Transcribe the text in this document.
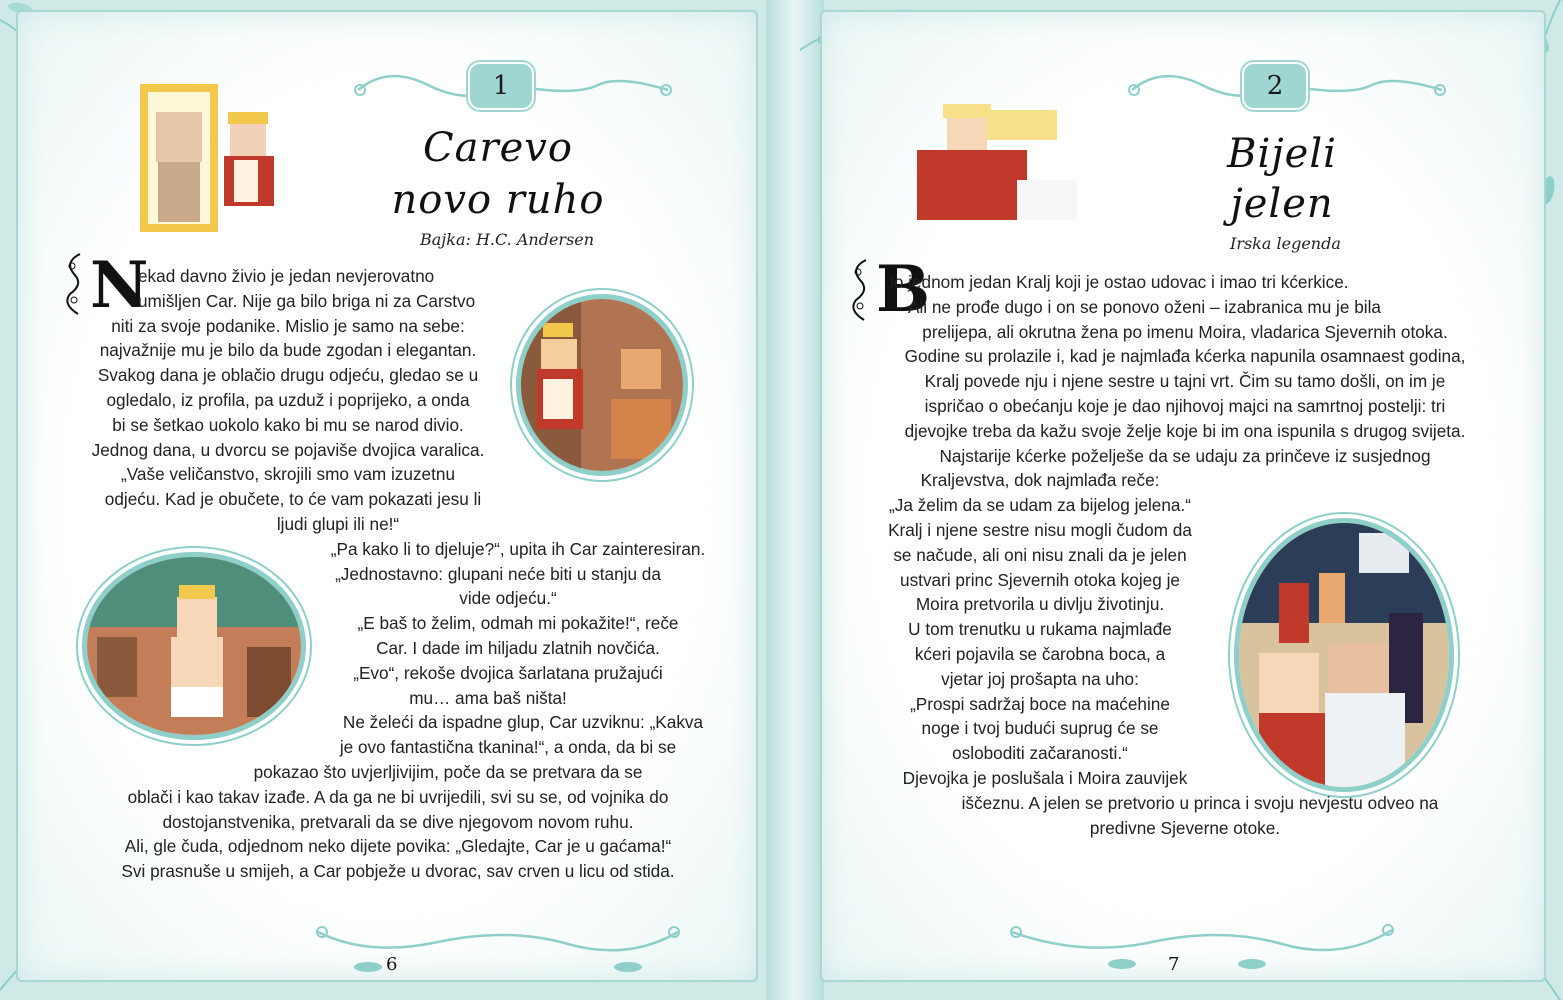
1
Carevo
novo ruho
Bajka: H.C. Andersen
N

ekad davno živio je jedan nevjerovatno

umišljen Car. Nije ga bilo briga ni za Carstvo

niti za svoje podanike. Mislio je samo na sebe:

najvažnije mu je bilo da bude zgodan i elegantan.

Svakog dana je oblačio drugu odjeću, gledao se u

ogledalo, iz profila, pa uzduž i poprijeko, a onda

bi se šetkao uokolo kako bi mu se narod divio.

Jednog dana, u dvorcu se pojaviše dvojica varalica.

„Vaše veličanstvo, skrojili smo vam izuzetnu

odjeću. Kad je obučete, to će vam pokazati jesu li

ljudi glupi ili ne!“

„Pa kako li to djeluje?“, upita ih Car zainteresiran.

„Jednostavno: glupani neće biti u stanju da

vide odjeću.“

„E baš to želim, odmah mi pokažite!“, reče

Car. I dade im hiljadu zlatnih novčića.

„Evo“, rekoše dvojica šarlatana pružajući

mu… ama baš ništa!

Ne želeći da ispadne glup, Car uzviknu: „Kakva

je ovo fantastična tkanina!“, a onda, da bi se

pokazao što uvjerljivijim, poče da se pretvara da se

oblači i kao takav izađe. A da ga ne bi uvrijedili, svi su se, od vojnika do

dostojanstvenika, pretvarali da se dive njegovom novom ruhu.

Ali, gle čuda, odjednom neko dijete povika: „Gledajte, Car je u gaćama!“

Svi prasnuše u smijeh, a Car pobježe u dvorac, sav crven u licu od stida.

6
2
Bijeli
jelen
Irska legenda
B

io jednom jedan Kralj koji je ostao udovac i imao tri kćerkice.

Ali ne prođe dugo i on se ponovo oženi – izabranica mu je bila

prelijepa, ali okrutna žena po imenu Moira, vladarica Sjevernih otoka.

Godine su prolazile i, kad je najmlađa kćerka napunila osamnaest godina,

Kralj povede nju i njene sestre u tajni vrt. Čim su tamo došli, on im je

ispričao o obećanju koje je dao njihovoj majci na samrtnoj postelji: tri

djevojke treba da kažu svoje želje koje bi im ona ispunila s drugog svijeta.

Najstarije kćerke poželješe da se udaju za prinčeve iz susjednog

Kraljevstva, dok najmlađa reče:

„Ja želim da se udam za bijelog jelena.“

Kralj i njene sestre nisu mogli čudom da

se načude, ali oni nisu znali da je jelen

ustvari princ Sjevernih otoka kojeg je

Moira pretvorila u divlju životinju.

U tom trenutku u rukama najmlađe

kćeri pojavila se čarobna boca, a

vjetar joj prošapta na uho:

„Prospi sadržaj boce na maćehine

noge i tvoj budući suprug će se

osloboditi začaranosti.“

Djevojka je poslušala i Moira zauvijek

iščeznu. A jelen se pretvorio u princa i svoju nevjestu odveo na

predivne Sjeverne otoke.

7
